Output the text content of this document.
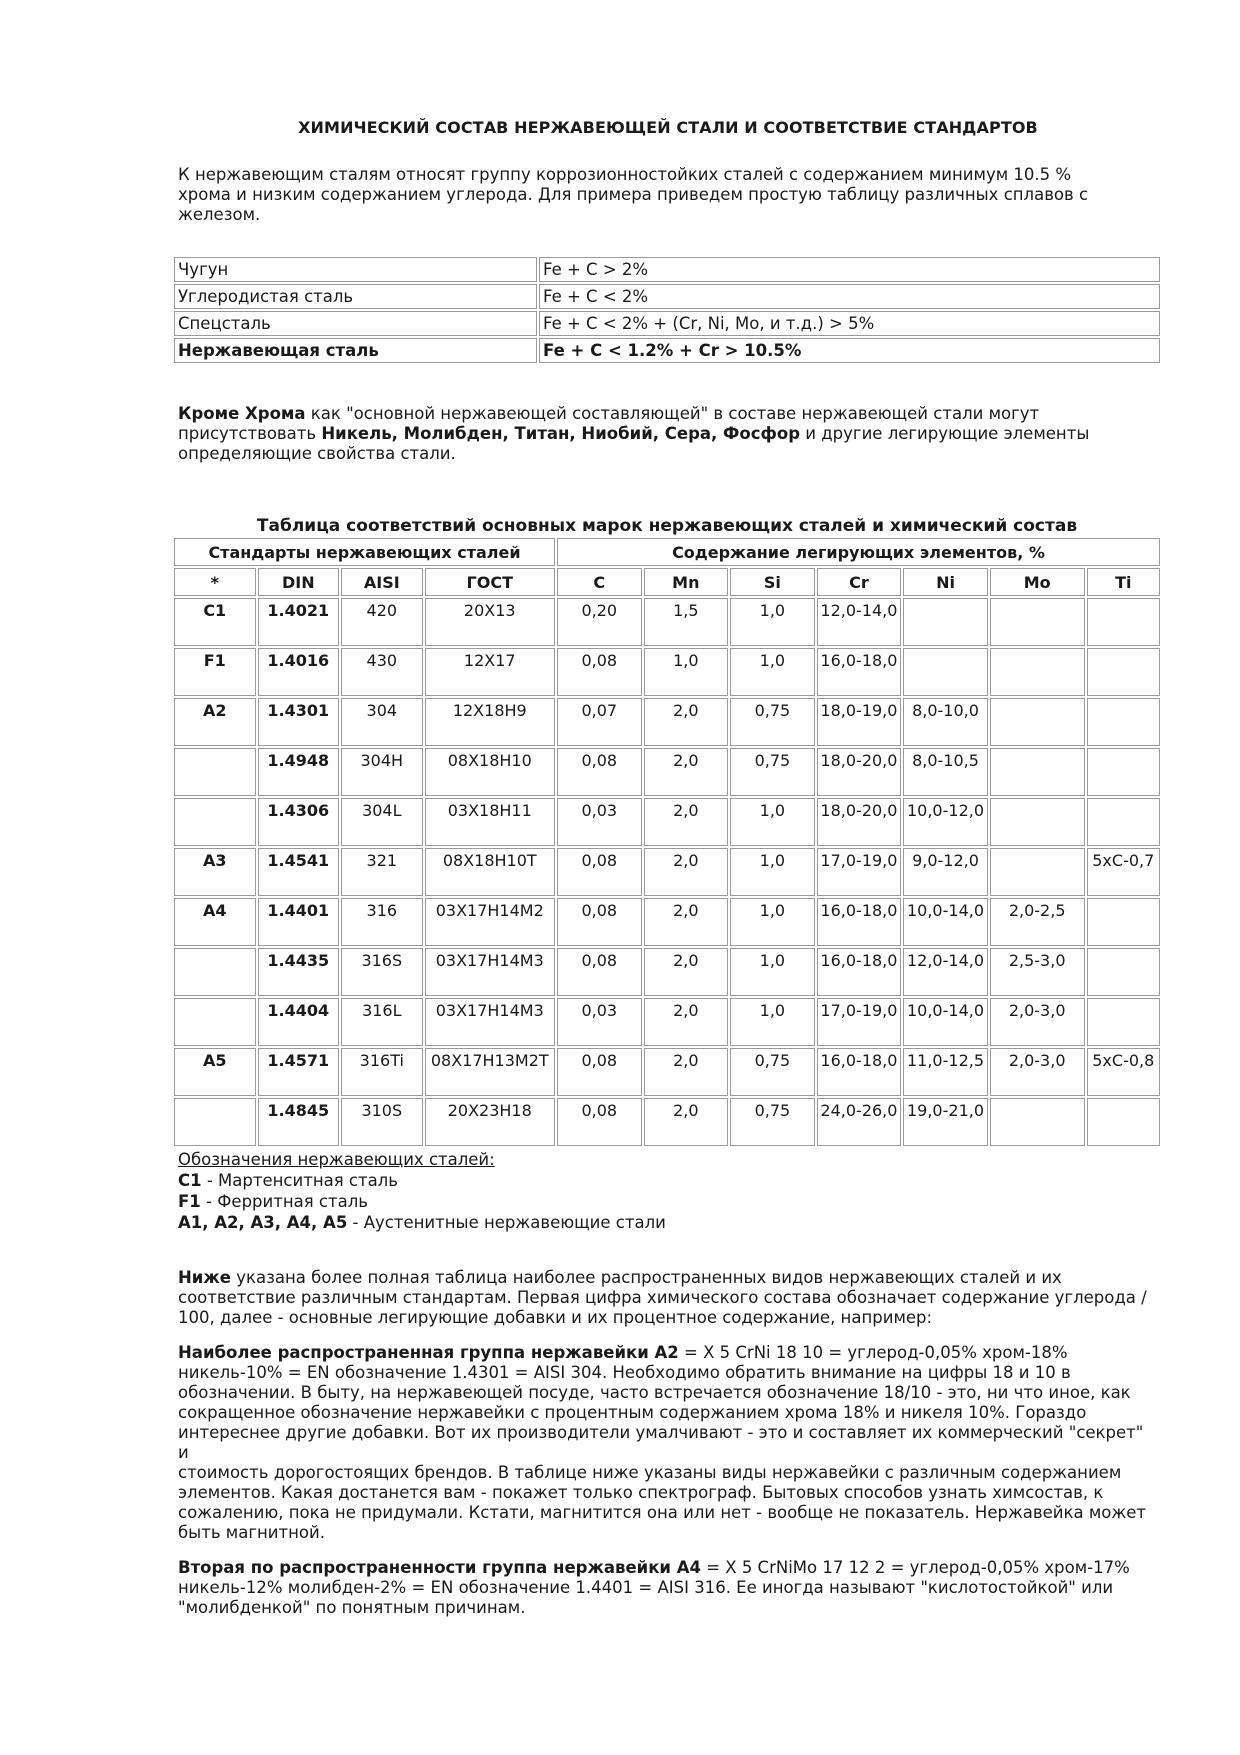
ХИМИЧЕСКИЙ СОСТАВ НЕРЖАВЕЮЩЕЙ СТАЛИ И СООТВЕТСТВИЕ СТАНДАРТОВ
К нержавеющим сталям относят группу коррозионностойких сталей с содержанием минимум 10.5 %
хрома и низким содержанием углерода. Для примера приведем простую таблицу различных сплавов с
железом.
Чугун	Fe + C > 2%
Углеродистая сталь	Fe + C < 2%
Спецсталь	Fe + C < 2% + (Cr, Ni, Mo, и т.д.) > 5%
Нержавеющая сталь	Fe + C < 1.2% + Cr > 10.5%
Кроме Хрома как "основной нержавеющей составляющей" в составе нержавеющей стали могут
присутствовать Никель, Молибден, Титан, Ниобий, Сера, Фосфор и другие легирующие элементы
определяющие свойства стали.
Таблица соответствий основных марок нержавеющих сталей и химический состав
Стандарты нержавеющих сталей				Содержание легирующих элементов, %						
*	DIN	AISI	ГОСТ	C	Mn	Si	Cr	Ni	Mo	Ti
C1	1.4021	420	20Х13	0,20	1,5	1,0	12,0-14,0			
F1	1.4016	430	12Х17	0,08	1,0	1,0	16,0-18,0			
A2	1.4301	304	12Х18Н9	0,07	2,0	0,75	18,0-19,0	8,0-10,0		
	1.4948	304H	08Х18Н10	0,08	2,0	0,75	18,0-20,0	8,0-10,5		
	1.4306	304L	03Х18Н11	0,03	2,0	1,0	18,0-20,0	10,0-12,0		
A3	1.4541	321	08Х18Н10Т	0,08	2,0	1,0	17,0-19,0	9,0-12,0		5xC-0,7
A4	1.4401	316	03Х17Н14М2	0,08	2,0	1,0	16,0-18,0	10,0-14,0	2,0-2,5	
	1.4435	316S	03Х17Н14М3	0,08	2,0	1,0	16,0-18,0	12,0-14,0	2,5-3,0	
	1.4404	316L	03Х17Н14М3	0,03	2,0	1,0	17,0-19,0	10,0-14,0	2,0-3,0	
A5	1.4571	316Ti	08Х17Н13М2Т	0,08	2,0	0,75	16,0-18,0	11,0-12,5	2,0-3,0	5xC-0,8
	1.4845	310S	20Х23Н18	0,08	2,0	0,75	24,0-26,0	19,0-21,0		
Обозначения нержавеющих сталей:
C1 - Мартенситная сталь
F1 - Ферритная сталь
A1, A2, A3, A4, A5 - Аустенитные нержавеющие стали
Ниже указана более полная таблица наиболее распространенных видов нержавеющих сталей и их
соответствие различным стандартам. Первая цифра химического состава обозначает содержание углерода /
100, далее - основные легирующие добавки и их процентное содержание, например:
Наиболее распространенная группа нержавейки A2 = X 5 CrNi 18 10 = углерод-0,05% хром-18%
никель-10% = EN обозначение 1.4301 = AISI 304. Необходимо обратить внимание на цифры 18 и 10 в
обозначении. В быту, на нержавеющей посуде, часто встречается обозначение 18/10 - это, ни что иное, как
сокращенное обозначение нержавейки с процентным содержанием хрома 18% и никеля 10%. Гораздо
интереснее другие добавки. Вот их производители умалчивают - это и составляет их коммерческий "секрет" и
стоимость дорогостоящих брендов. В таблице ниже указаны виды нержавейки с различным содержанием
элементов. Какая достанется вам - покажет только спектрограф. Бытовых способов узнать химсостав, к
сожалению, пока не придумали. Кстати, магнитится она или нет - вообще не показатель. Нержавейка может
быть магнитной.
Вторая по распространенности группа нержавейки A4 = X 5 CrNiMo 17 12 2 = углерод-0,05% хром-17%
никель-12% молибден-2% = EN обозначение 1.4401 = AISI 316. Ее иногда называют "кислотостойкой" или
"молибденкой" по понятным причинам.
